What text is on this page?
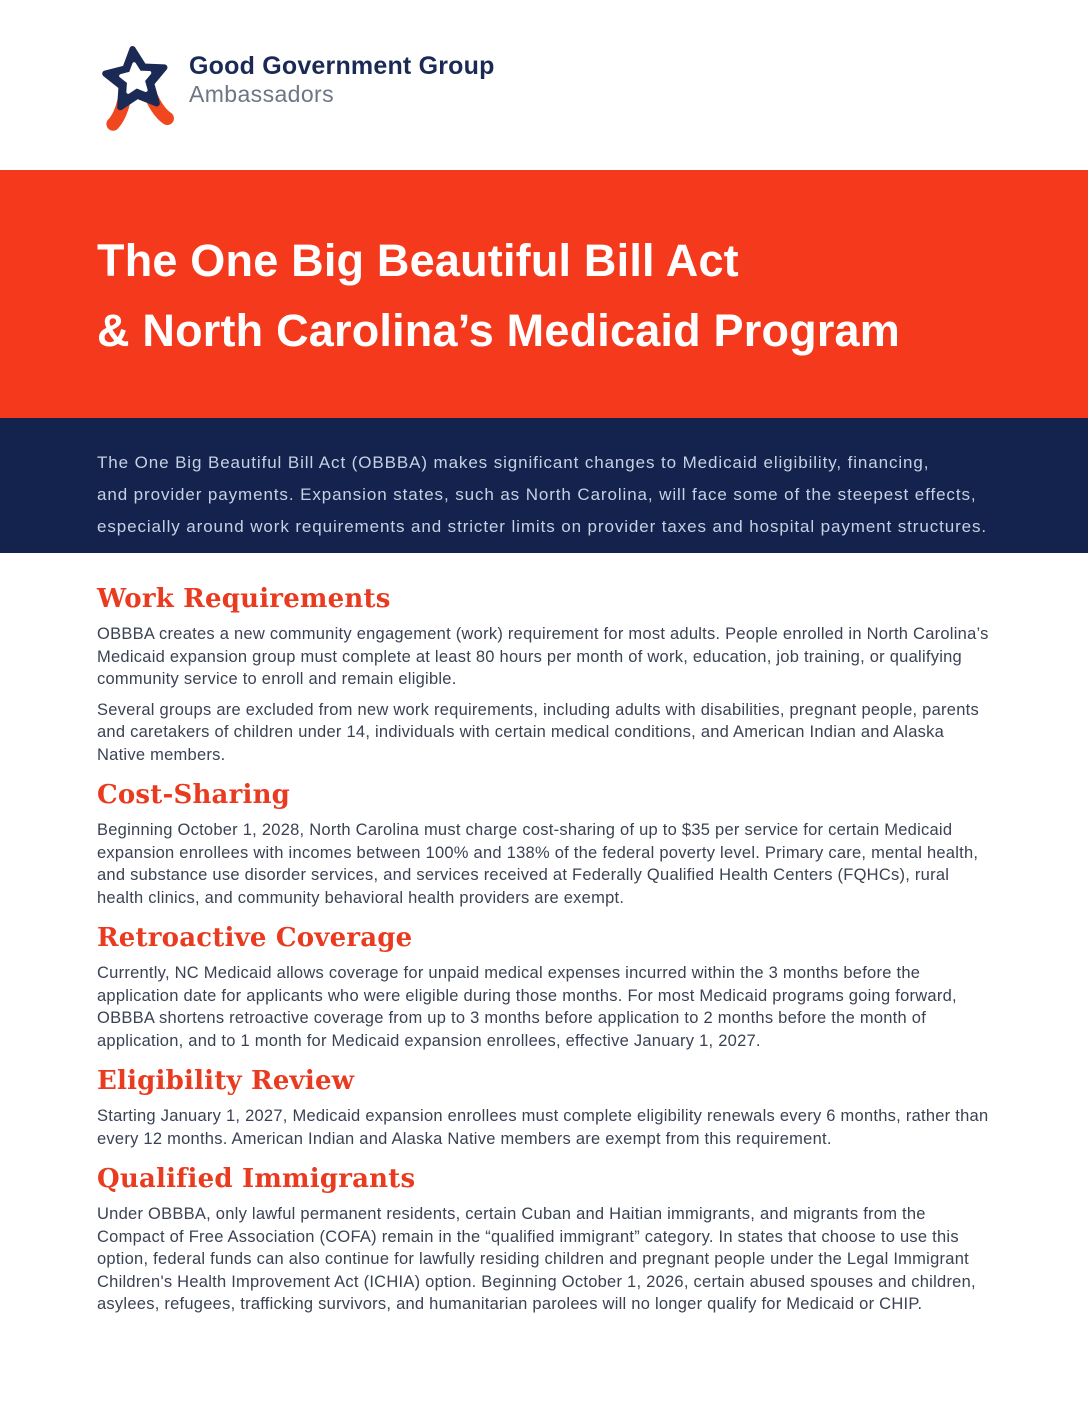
Good Government Group
Ambassadors
The One Big Beautiful Bill Act
& North Carolina’s Medicaid Program

The One Big Beautiful Bill Act (OBBBA) makes significant changes to Medicaid eligibility, financing,
and provider payments. Expansion states, such as North Carolina, will face some of the steepest effects,
especially around work requirements and stricter limits on provider taxes and hospital payment structures.

Work Requirements

OBBBA creates a new community engagement (work) requirement for most adults. People enrolled in North Carolina’s Medicaid expansion group must complete at least 80 hours per month of work, education, job training, or qualifying community service to enroll and remain eligible.

Several groups are excluded from new work requirements, including adults with disabilities, pregnant people, parents and caretakers of children under 14, individuals with certain medical conditions, and American Indian and Alaska Native members.

Cost-Sharing

Beginning October 1, 2028, North Carolina must charge cost-sharing of up to $35 per service for certain Medicaid expansion enrollees with incomes between 100% and 138% of the federal poverty level. Primary care, mental health, and substance use disorder services, and services received at Federally Qualified Health Centers (FQHCs), rural health clinics, and community behavioral health providers are exempt.

Retroactive Coverage

Currently, NC Medicaid allows coverage for unpaid medical expenses incurred within the 3 months before the application date for applicants who were eligible during those months. For most Medicaid programs going forward, OBBBA shortens retroactive coverage from up to 3 months before application to 2 months before the month of application, and to 1 month for Medicaid expansion enrollees, effective January 1, 2027.

Eligibility Review

Starting January 1, 2027, Medicaid expansion enrollees must complete eligibility renewals every 6 months, rather than every 12 months. American Indian and Alaska Native members are exempt from this requirement.

Qualified Immigrants

Under OBBBA, only lawful permanent residents, certain Cuban and Haitian immigrants, and migrants from the Compact of Free Association (COFA) remain in the “qualified immigrant” category. In states that choose to use this option, federal funds can also continue for lawfully residing children and pregnant people under the Legal Immigrant Children's Health Improvement Act (ICHIA) option. Beginning October 1, 2026, certain abused spouses and children, asylees, refugees, trafficking survivors, and humanitarian parolees will no longer qualify for Medicaid or CHIP.
